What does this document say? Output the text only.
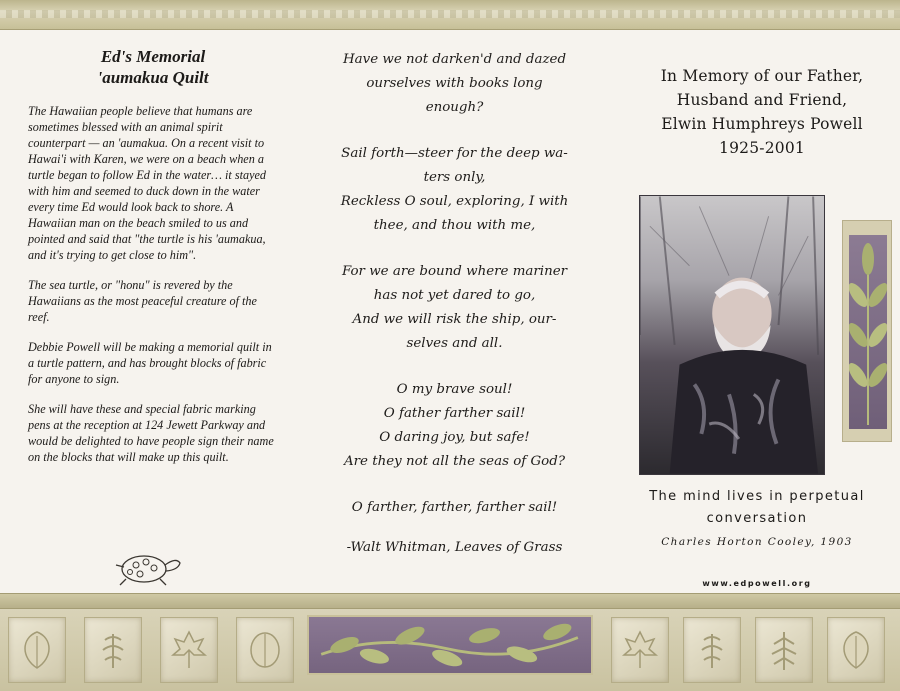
Ed's Memorial
'aumakua Quilt

The Hawaiian people believe that humans are sometimes blessed with an animal spirit counterpart — an 'aumakua. On a recent visit to Hawai'i with Karen, we were on a beach when a turtle began to follow Ed in the water… it stayed with him and seemed to duck down in the water every time Ed would look back to shore. A Hawaiian man on the beach smiled to us and pointed and said that "the turtle is his 'aumakua, and it's trying to get close to him".

The sea turtle, or "honu" is revered by the Hawaiians as the most peaceful creature of the reef.

Debbie Powell will be making a memorial quilt in a turtle pattern, and has brought blocks of fabric for anyone to sign.

She will have these and special fabric marking pens at the reception at 124 Jewett Parkway and would be delighted to have people sign their name on the blocks that will make up this quilt.

Have we not darken'd and dazed
ourselves with books long
enough?
Sail forth—steer for the deep wa-
ters only,
Reckless O soul, exploring, I with
thee, and thou with me,
For we are bound where mariner
has not yet dared to go,
And we will risk the ship, our-
selves and all.
O my brave soul!
O father farther sail!
O daring joy, but safe!
Are they not all the seas of God?
O farther, farther, farther sail!
-Walt Whitman, Leaves of Grass
In Memory of our Father,
Husband and Friend,
Elwin Humphreys Powell
1925-2001
The mind lives in perpetual
conversation
Charles Horton Cooley, 1903
www.edpowell.org
